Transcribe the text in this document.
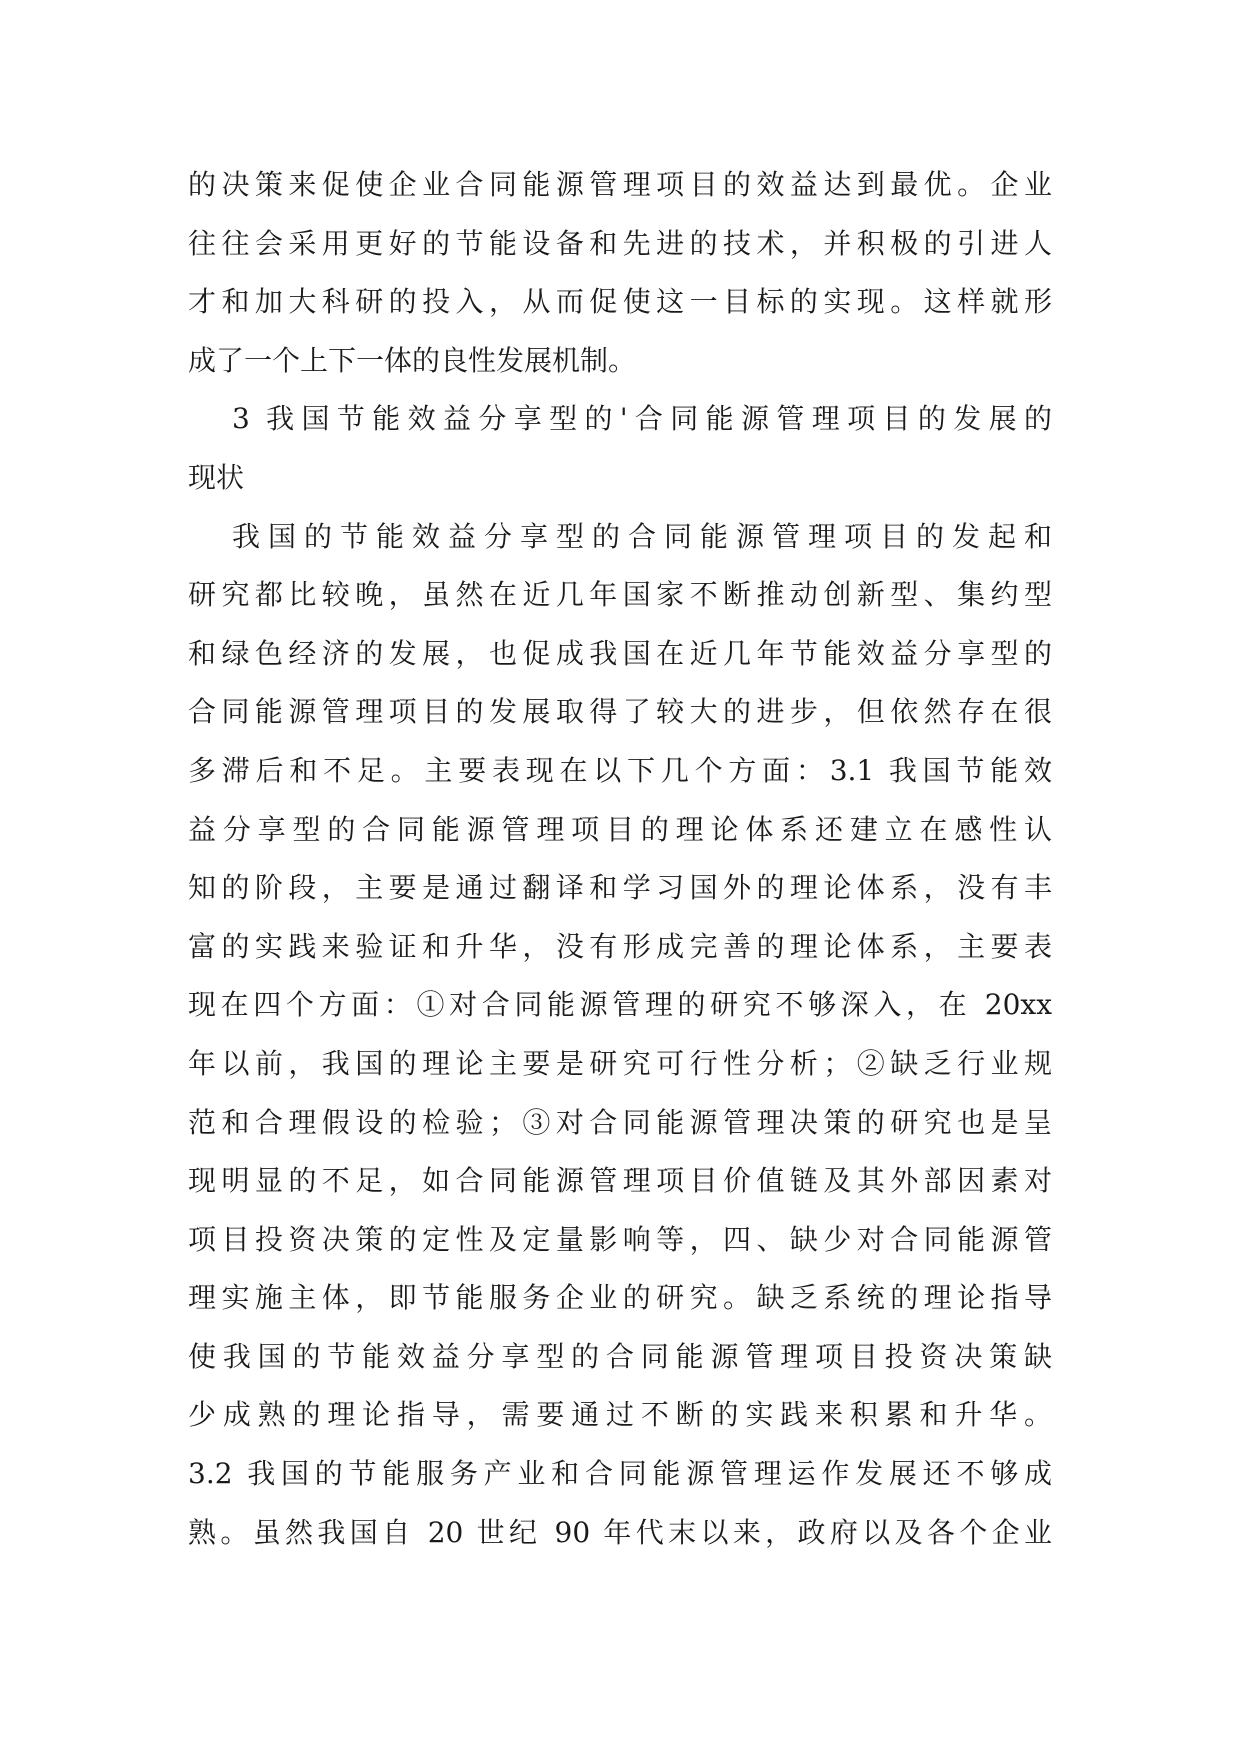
的决策来促使企业合同能源管理项目的效益达到最优。企业
往往会采用更好的节能设备和先进的技术，并积极的引进人
才和加大科研的投入，从而促使这一目标的实现。这样就形
成了一个上下一体的良性发展机制。
3 我国节能效益分享型的'合同能源管理项目的发展的
现状
我国的节能效益分享型的合同能源管理项目的发起和
研究都比较晚，虽然在近几年国家不断推动创新型、集约型
和绿色经济的发展，也促成我国在近几年节能效益分享型的
合同能源管理项目的发展取得了较大的进步，但依然存在很
多滞后和不足。主要表现在以下几个方面：3.1 我国节能效
益分享型的合同能源管理项目的理论体系还建立在感性认
知的阶段，主要是通过翻译和学习国外的理论体系，没有丰
富的实践来验证和升华，没有形成完善的理论体系，主要表
现在四个方面：①对合同能源管理的研究不够深入，在 20xx
年以前，我国的理论主要是研究可行性分析；②缺乏行业规
范和合理假设的检验；③对合同能源管理决策的研究也是呈
现明显的不足，如合同能源管理项目价值链及其外部因素对
项目投资决策的定性及定量影响等，四、缺少对合同能源管
理实施主体，即节能服务企业的研究。缺乏系统的理论指导
使我国的节能效益分享型的合同能源管理项目投资决策缺
少成熟的理论指导，需要通过不断的实践来积累和升华。
3.2 我国的节能服务产业和合同能源管理运作发展还不够成
熟。虽然我国自 20 世纪 90 年代末以来，政府以及各个企业
